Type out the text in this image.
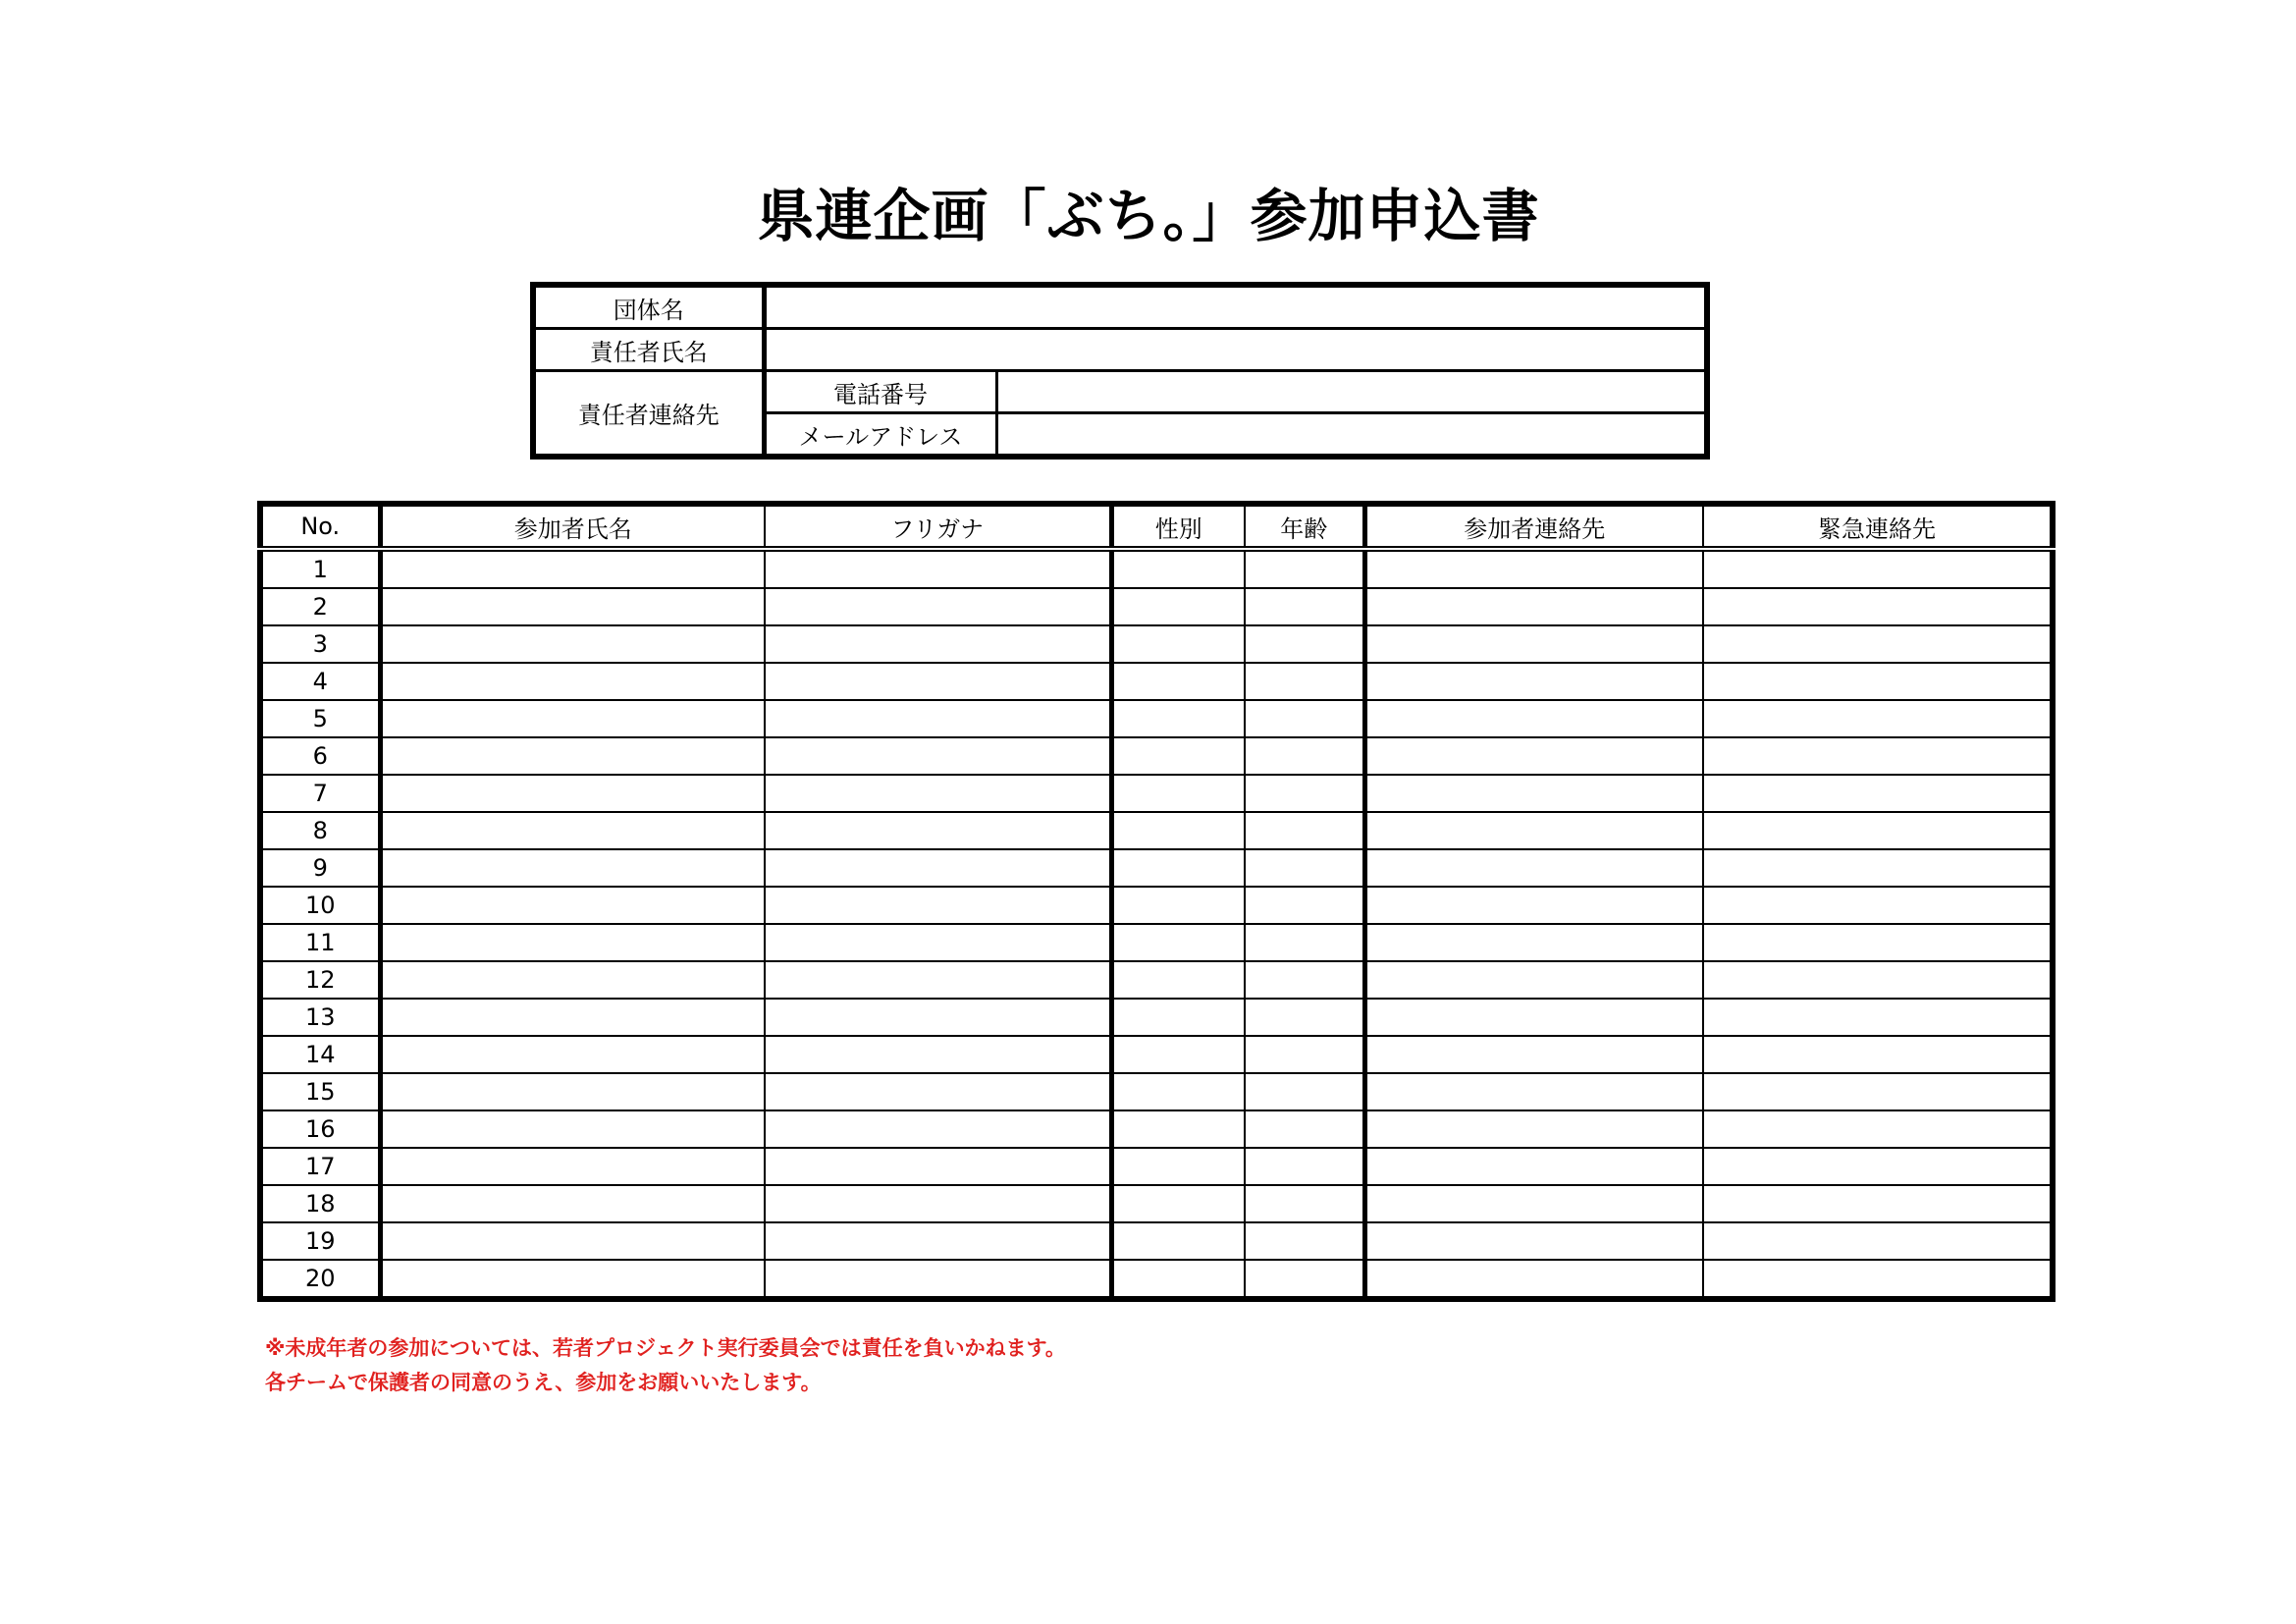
県連企画「ぶち。」参加申込書
団体名		
責任者氏名		
責任者連絡先	電話番号	
	メールアドレス	
No.	参加者氏名	フリガナ	性別	年齢	参加者連絡先	緊急連絡先
1						
2						
3						
4						
5						
6						
7						
8						
9						
10						
11						
12						
13						
14						
15						
16						
17						
18						
19						
20						
※未成年者の参加については、若者プロジェクト実行委員会では責任を負いかねます。
各チームで保護者の同意のうえ、参加をお願いいたします。
